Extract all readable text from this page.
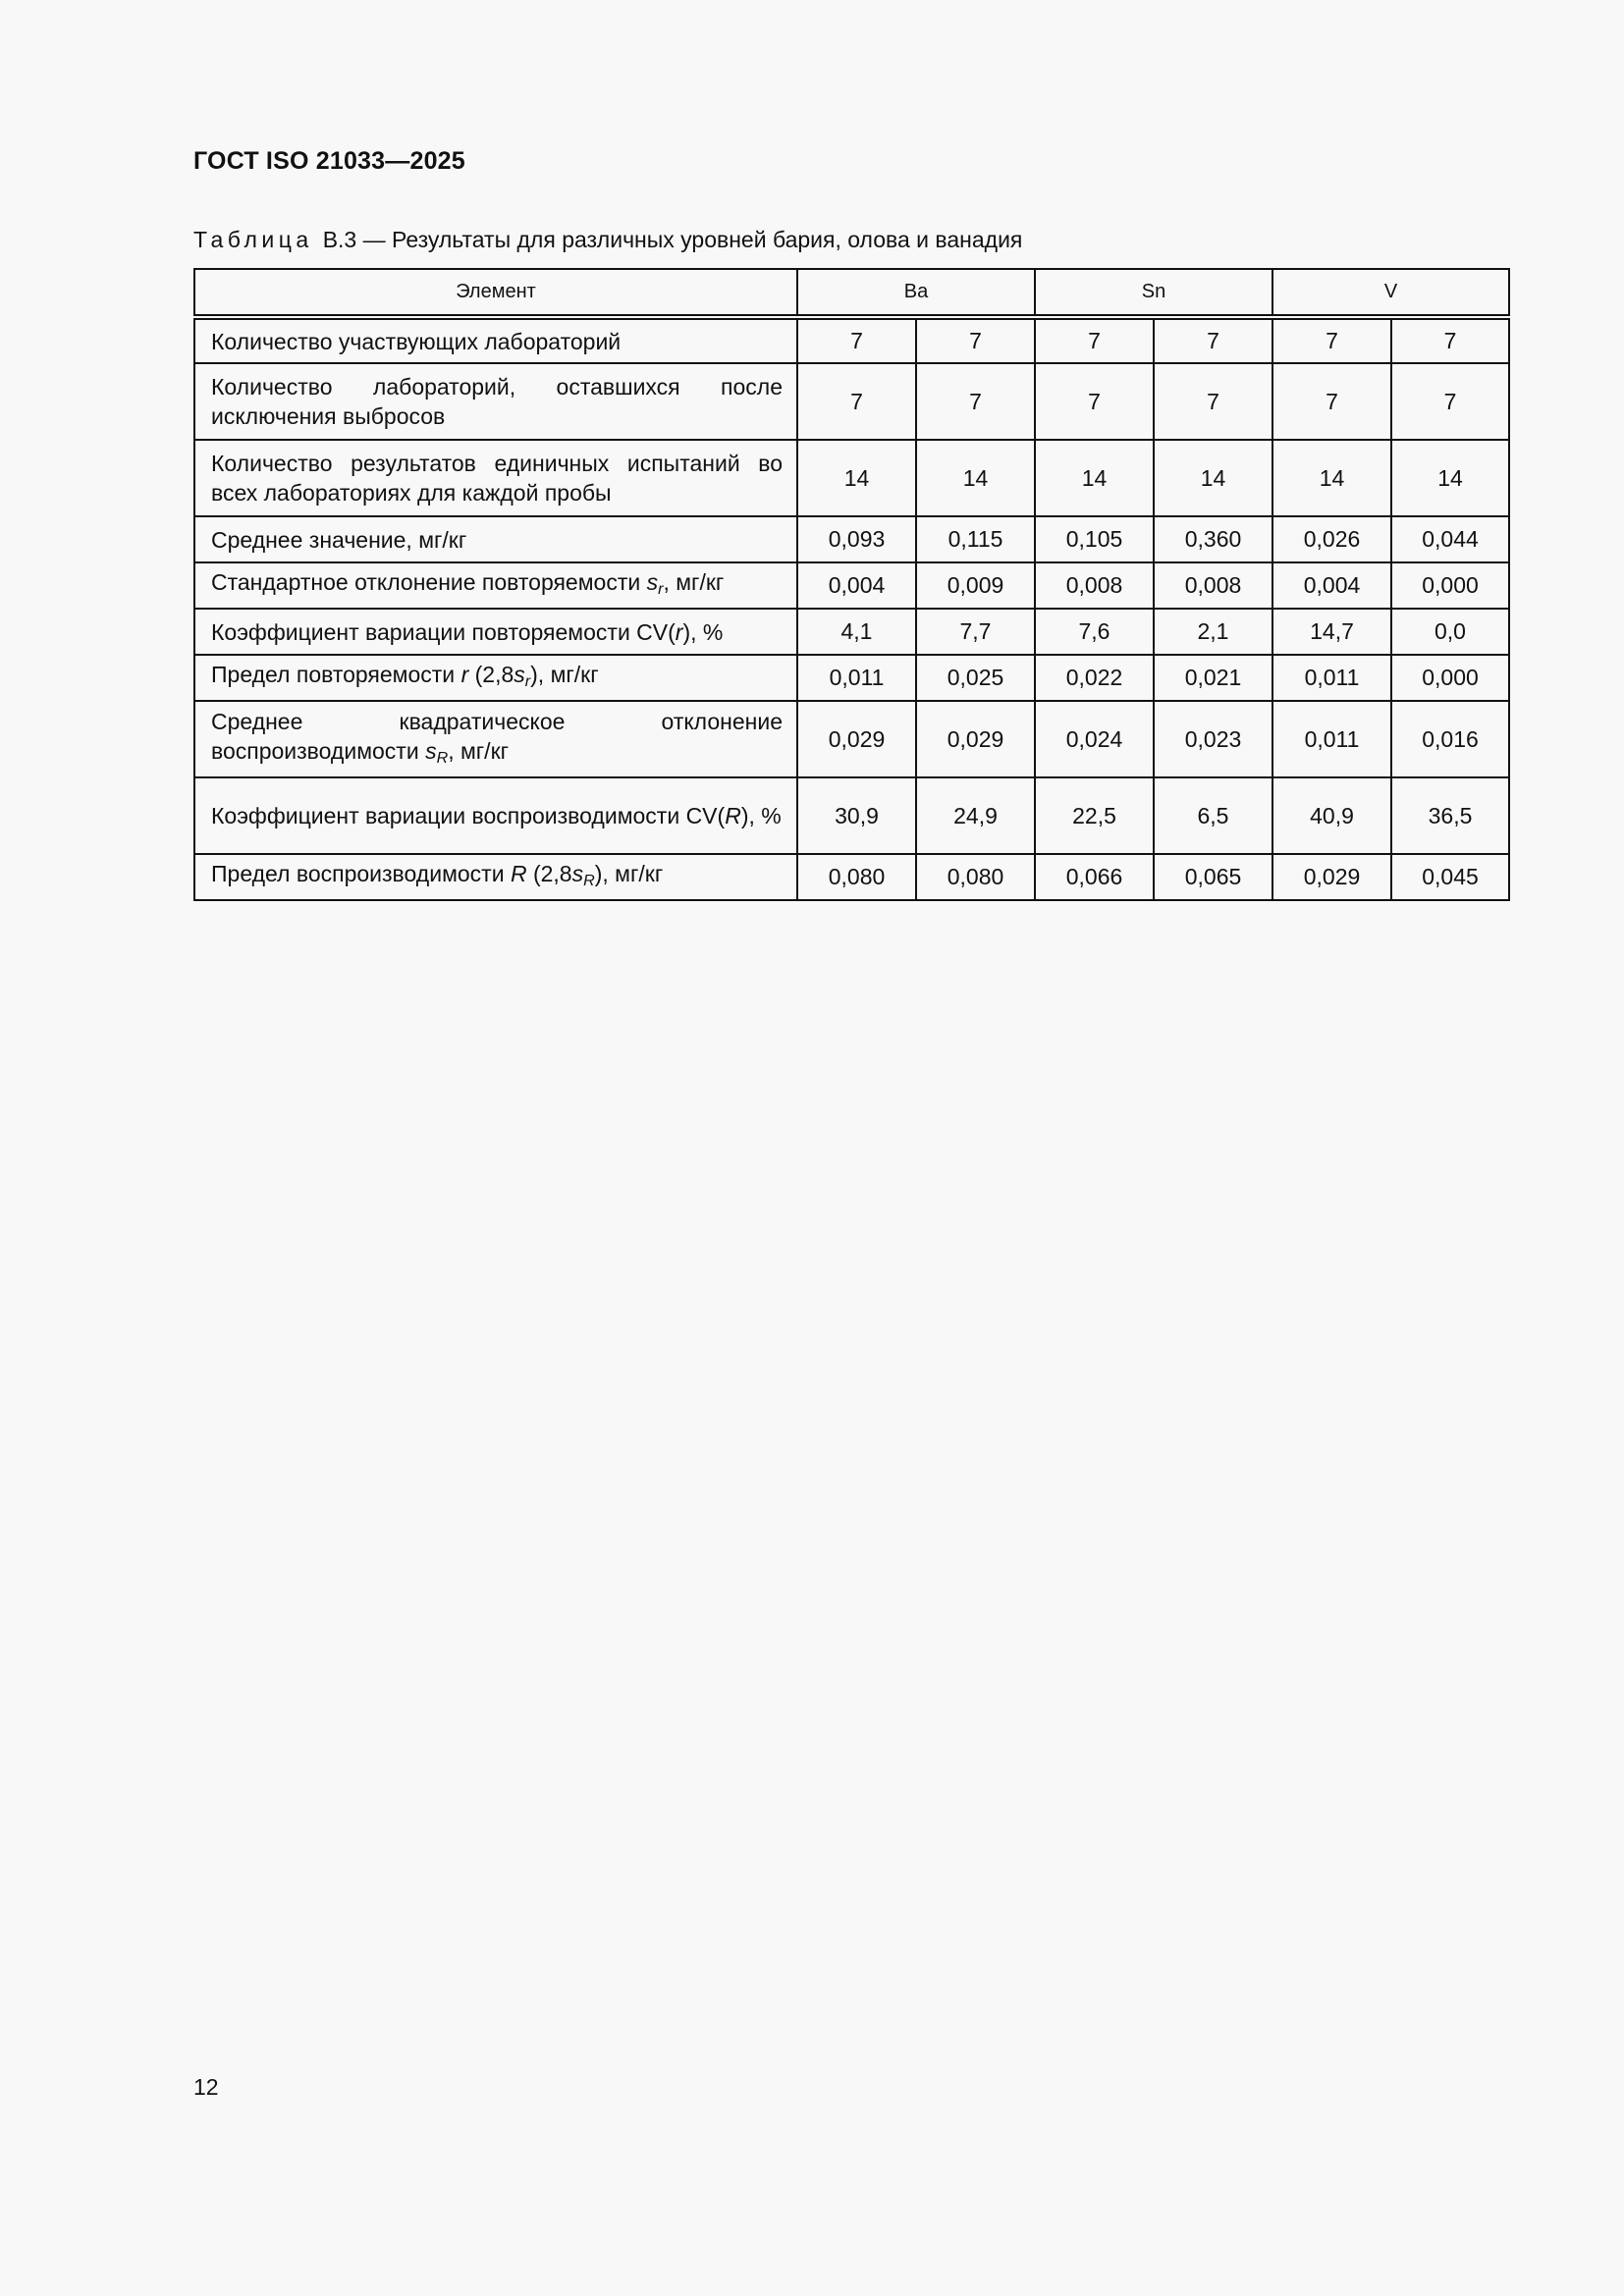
ГОСТ ISO 21033—2025
Таблица B.3 — Результаты для различных уровней бария, олова и ванадия
Элемент	Ba		Sn		V	
Количество участвующих лабораторий	7	7	7	7	7	7
Количество лабораторий, оставшихся после исключения выбросов	7	7	7	7	7	7
Количество результатов единичных испытаний во всех лабораториях для каждой пробы	14	14	14	14	14	14
Среднее значение, мг/кг	0,093	0,115	0,105	0,360	0,026	0,044
Стандартное отклонение повторяемости $s_r$, мг/кг	0,004	0,009	0,008	0,008	0,004	0,000
Коэффициент вариации повторяемости CV(r), %	4,1	7,7	7,6	2,1	14,7	0,0
Предел повторяемости r $(2,8s_r)$, мг/кг	0,011	0,025	0,022	0,021	0,011	0,000
Среднее квадратическое отклонение воспроизводимости $s_R$, мг/кг	0,029	0,029	0,024	0,023	0,011	0,016
Коэффициент вариации воспроизводимости CV(R), %	30,9	24,9	22,5	6,5	40,9	36,5
Предел воспроизводимости R $(2,8s_R)$, мг/кг	0,080	0,080	0,066	0,065	0,029	0,045
12
